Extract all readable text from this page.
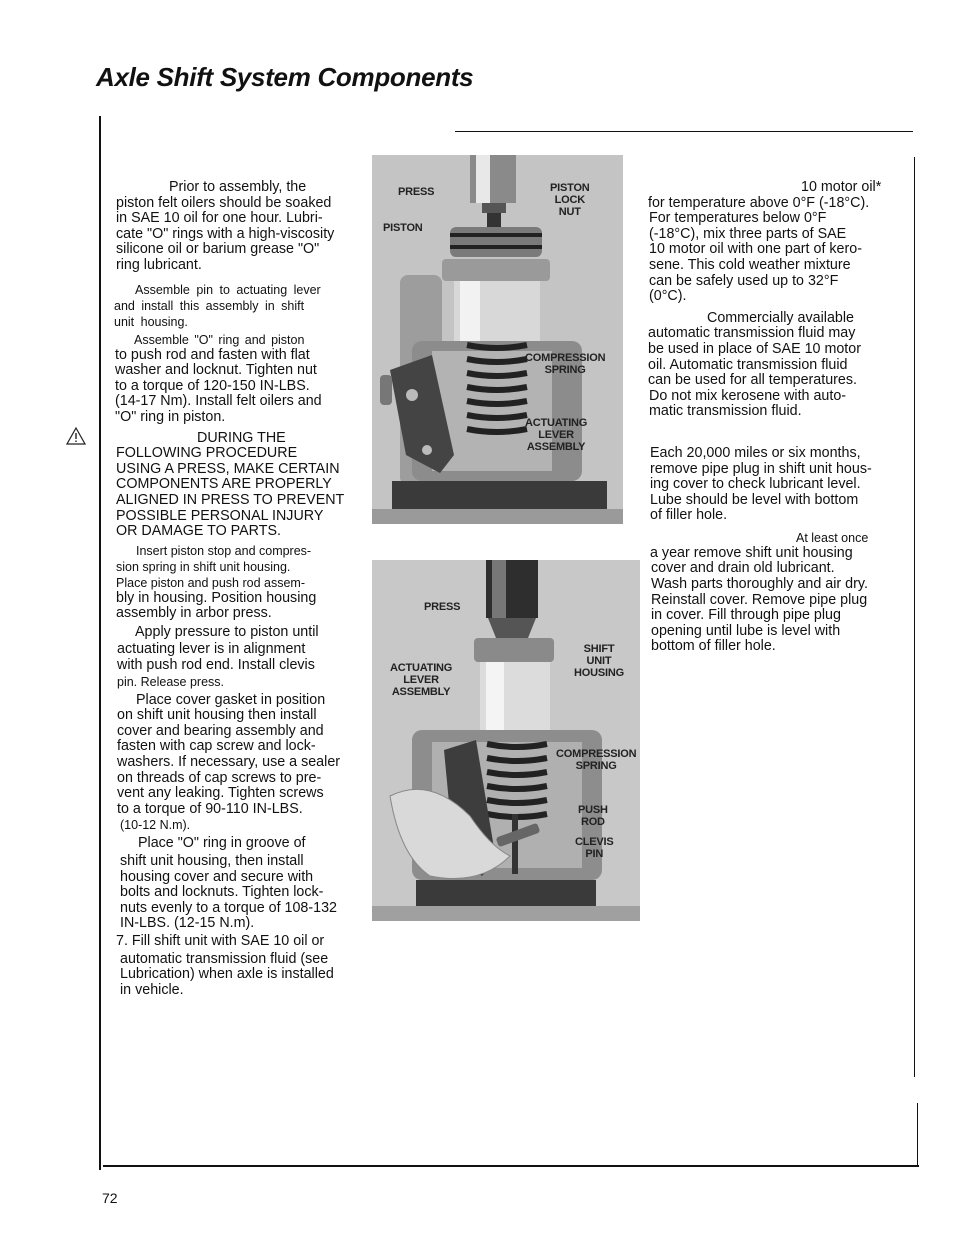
Axle Shift System Components

Prior to assembly, the

piston felt oilers should be soaked

in SAE 10 oil for one hour. Lubri-

cate "O" rings with a high-viscosity

silicone oil or barium grease "O"

ring lubricant.

Assemble pin to actuating lever

and install this assembly in shift

unit housing.

Assemble "O" ring and piston

to push rod and fasten with flat

washer and locknut. Tighten nut

to a torque of 120-150 IN-LBS.

(14-17 Nm). Install felt oilers and

"O" ring in piston.

DURING THE

FOLLOWING PROCEDURE

USING A PRESS, MAKE CERTAIN

COMPONENTS ARE PROPERLY

ALIGNED IN PRESS TO PREVENT

POSSIBLE PERSONAL INJURY

OR DAMAGE TO PARTS.

Insert piston stop and compres-

sion spring in shift unit housing.

Place piston and push rod assem-

bly in housing. Position housing

assembly in arbor press.

Apply pressure to piston until

actuating lever is in alignment

with push rod end. Install clevis

pin. Release press.

Place cover gasket in position

on shift unit housing then install

cover and bearing assembly and

fasten with cap screw and lock-

washers. If necessary, use a sealer

on threads of cap screws to pre-

vent any leaking. Tighten screws

to a torque of 90-110 IN-LBS.

(10-12 N.m).

Place "O" ring in groove of

shift unit housing, then install

housing cover and secure with

bolts and locknuts. Tighten lock-

nuts evenly to a torque of 108-132

IN-LBS. (12-15 N.m).

7. Fill shift unit with SAE 10 oil or

automatic transmission fluid (see

Lubrication) when axle is installed

in vehicle.

PRESS	PISTON
LOCK
NUT
PISTON
COMPRESSION
SPRING
ACTUATING
LEVER
ASSEMBLY
PRESS
SHIFT
UNIT
HOUSING
ACTUATING
LEVER
ASSEMBLY
COMPRESSION
SPRING
PUSH
ROD
CLEVIS
PIN

10 motor oil*

for temperature above 0°F (-18°C).

For temperatures below 0°F

(-18°C), mix three parts of SAE

10 motor oil with one part of kero-

sene. This cold weather mixture

can be safely used up to 32°F

(0°C).

Commercially available

automatic transmission fluid may

be used in place of SAE 10 motor

oil. Automatic transmission fluid

can be used for all temperatures.

Do not mix kerosene with auto-

matic transmission fluid.

Each 20,000 miles or six months,

remove pipe plug in shift unit hous-

ing cover to check lubricant level.

Lube should be level with bottom

of filler hole.

At least once

a year remove shift unit housing

cover and drain old lubricant.

Wash parts thoroughly and air dry.

Reinstall cover. Remove pipe plug

in cover. Fill through pipe plug

opening until lube is level with

bottom of filler hole.

72
